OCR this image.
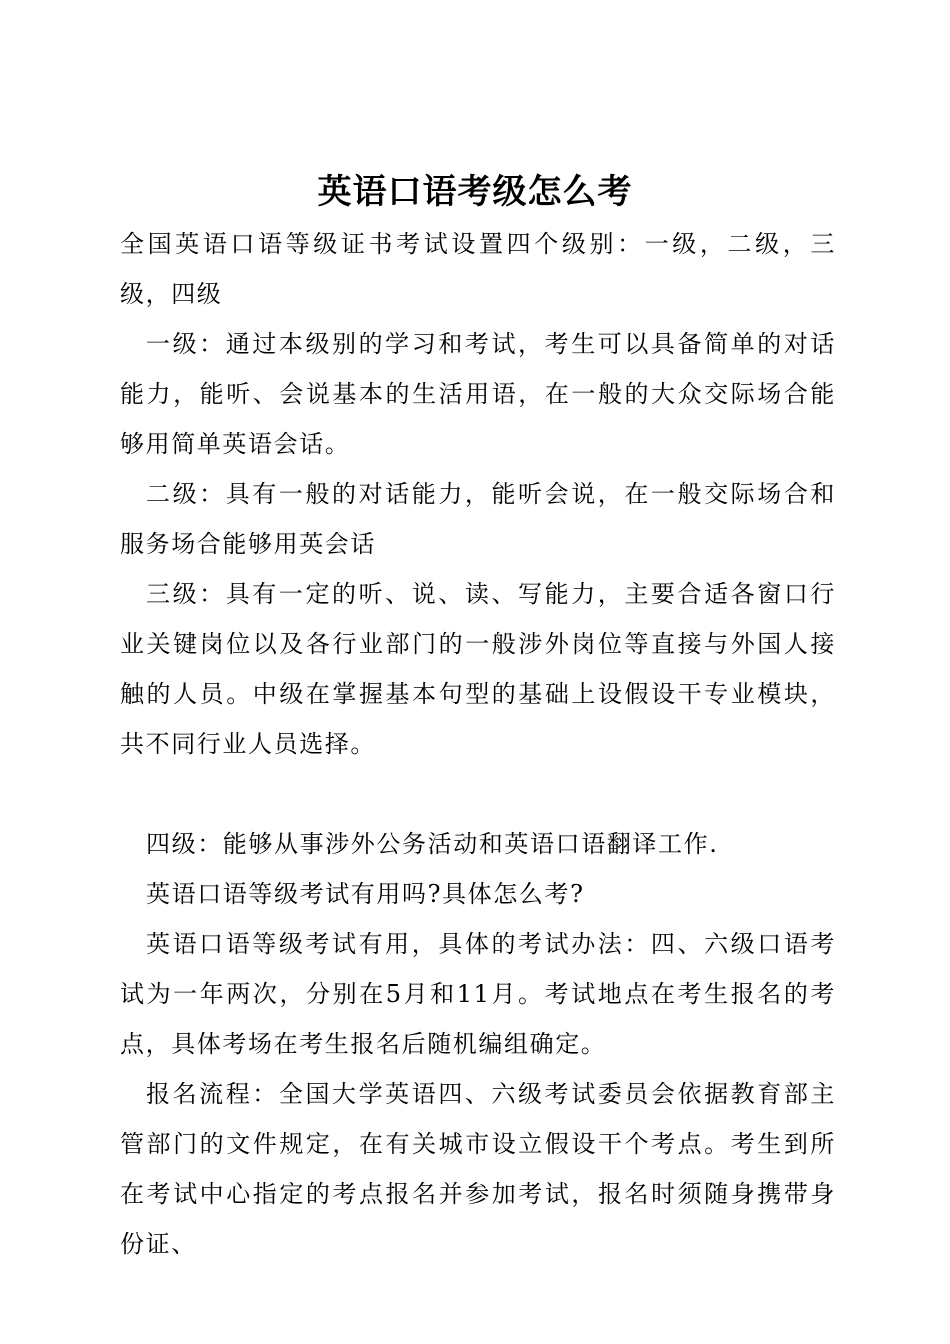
英语口语考级怎么考

全国英语口语等级证书考试设置四个级别：一级，二级，三级，四级

一级：通过本级别的学习和考试，考生可以具备简单的对话能力，能听、会说基本的生活用语，在一般的大众交际场合能够用简单英语会话。

二级：具有一般的对话能力，能听会说，在一般交际场合和服务场合能够用英会话

三级：具有一定的听、说、读、写能力，主要合适各窗口行业关键岗位以及各行业部门的一般涉外岗位等直接与外国人接触的人员。中级在掌握基本句型的基础上设假设干专业模块，共不同行业人员选择。

四级：能够从事涉外公务活动和英语口语翻译工作.

英语口语等级考试有用吗?具体怎么考?

英语口语等级考试有用，具体的考试办法：四、六级口语考试为一年两次，分别在5月和11月。考试地点在考生报名的考点，具体考场在考生报名后随机编组确定。

报名流程：全国大学英语四、六级考试委员会依据教育部主管部门的文件规定，在有关城市设立假设干个考点。考生到所在考试中心指定的考点报名并参加考试，报名时须随身携带身份证、
